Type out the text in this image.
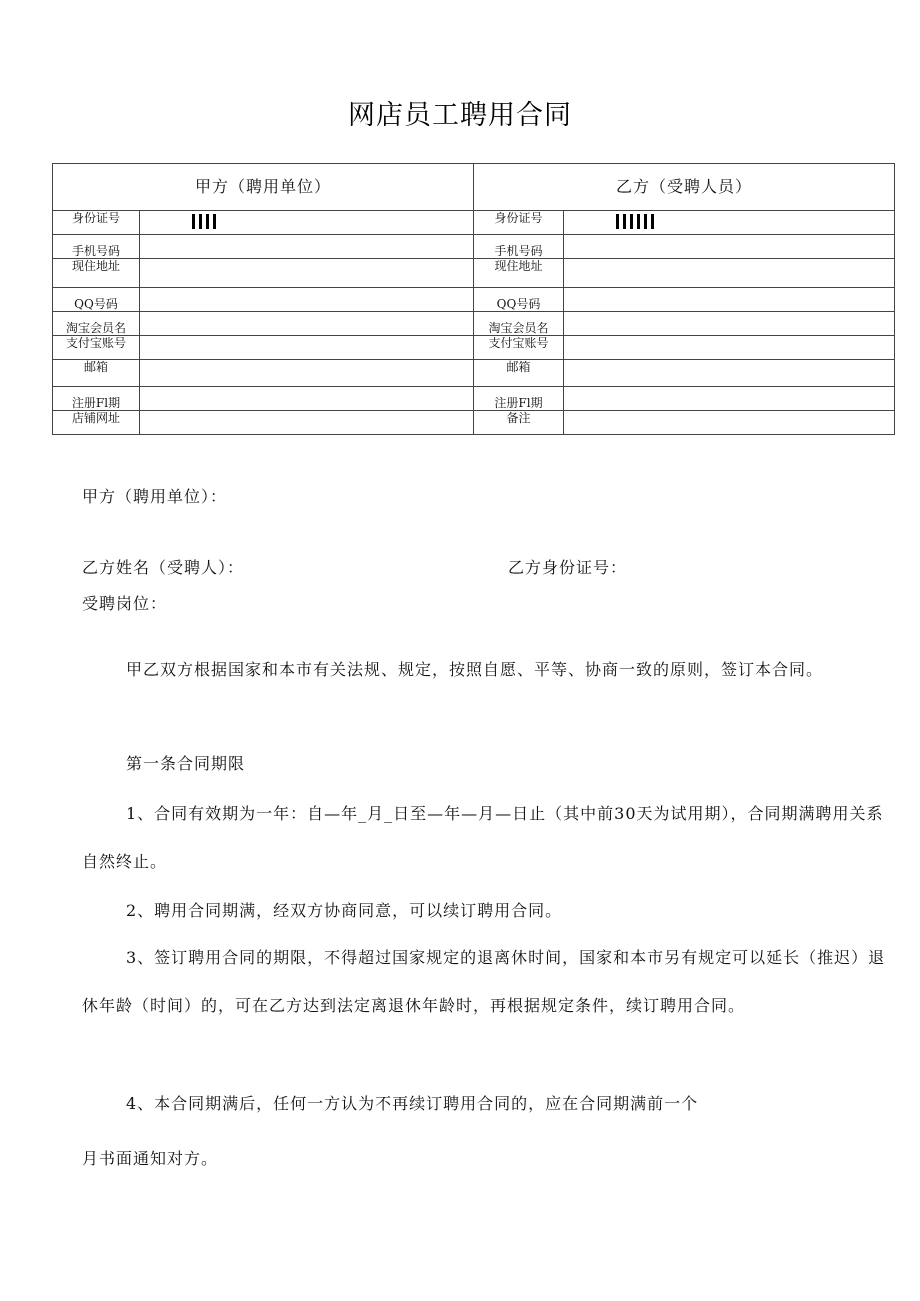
网店员工聘用合同
甲方（聘用单位）		乙方（受聘人员）	
身份证号		身份证号	
手机号码		手机号码	
现住地址		现住地址	
QQ号码		QQ号码	
淘宝会员名		淘宝会员名	
支付宝账号		支付宝账号	
邮箱		邮箱	
注册Fl期		注册Fl期	
店铺网址		备注	
甲方（聘用单位）：
乙方姓名（受聘人）：	乙方身份证号：
受聘岗位：
甲乙双方根据国家和本市有关法规、规定，按照自愿、平等、协商一致的原则，签订本合同。
第一条合同期限
1、合同有效期为一年：自—年_月_日至—年—月—日止（其中前30天为试用期），合同期满聘用关系自然终止。
2、聘用合同期满，经双方协商同意，可以续订聘用合同。
3、签订聘用合同的期限，不得超过国家规定的退离休时间，国家和本市另有规定可以延长（推迟）退休年龄（时间）的，可在乙方达到法定离退休年龄时，再根据规定条件，续订聘用合同。
4、本合同期满后，任何一方认为不再续订聘用合同的，应在合同期满前一个
月书面通知对方。
